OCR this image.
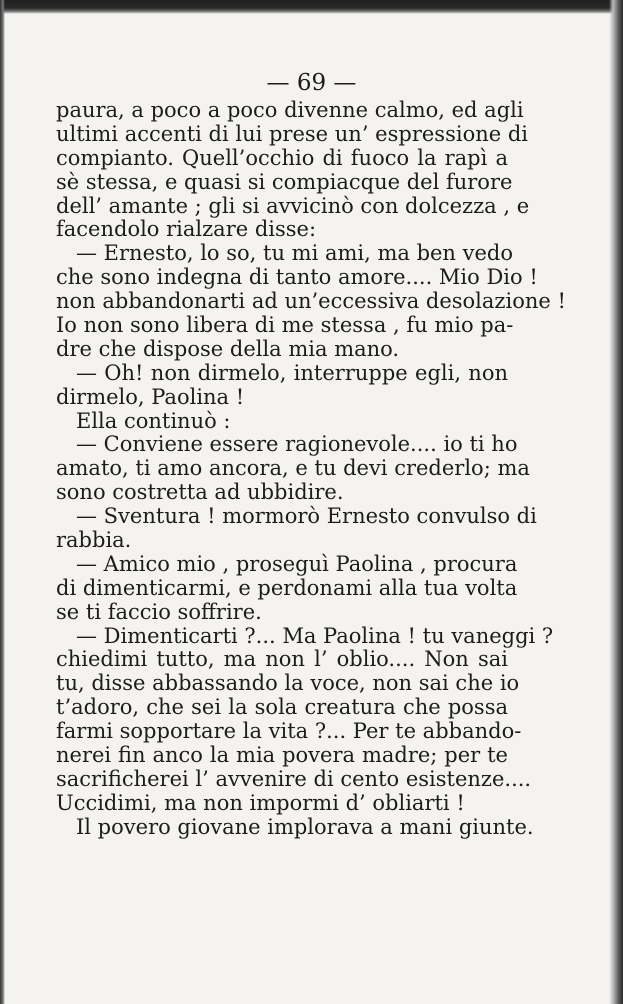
— 69 —
paura, a poco a poco divenne calmo, ed agli
ultimi accenti di lui prese un’ espressione di
compianto. Quell’occhio di fuoco la rapì a
sè stessa, e quasi si compiacque del furore
dell’ amante ; gli si avvicinò con dolcezza , e
facendolo rialzare disse:
— Ernesto, lo so, tu mi ami, ma ben vedo
che sono indegna di tanto amore.... Mio Dio !
non abbandonarti ad un’eccessiva desolazione !
Io non sono libera di me stessa , fu mio pa-
dre che dispose della mia mano.
— Oh! non dirmelo, interruppe egli, non
dirmelo, Paolina !
Ella continuò :
— Conviene essere ragionevole.... io ti ho
amato, ti amo ancora, e tu devi crederlo; ma
sono costretta ad ubbidire.
— Sventura ! mormorò Ernesto convulso di
rabbia.
— Amico mio , proseguì Paolina , procura
di dimenticarmi, e perdonami alla tua volta
se ti faccio soffrire.
— Dimenticarti ?... Ma Paolina ! tu vaneggi ?
chiedimi tutto, ma non l’ oblio.... Non sai
tu, disse abbassando la voce, non sai che io
t’adoro, che sei la sola creatura che possa
farmi sopportare la vita ?... Per te abbando-
nerei fin anco la mia povera madre; per te
sacrificherei l’ avvenire di cento esistenze....
Uccidimi, ma non impormi d’ obliarti !
Il povero giovane implorava a mani giunte.
